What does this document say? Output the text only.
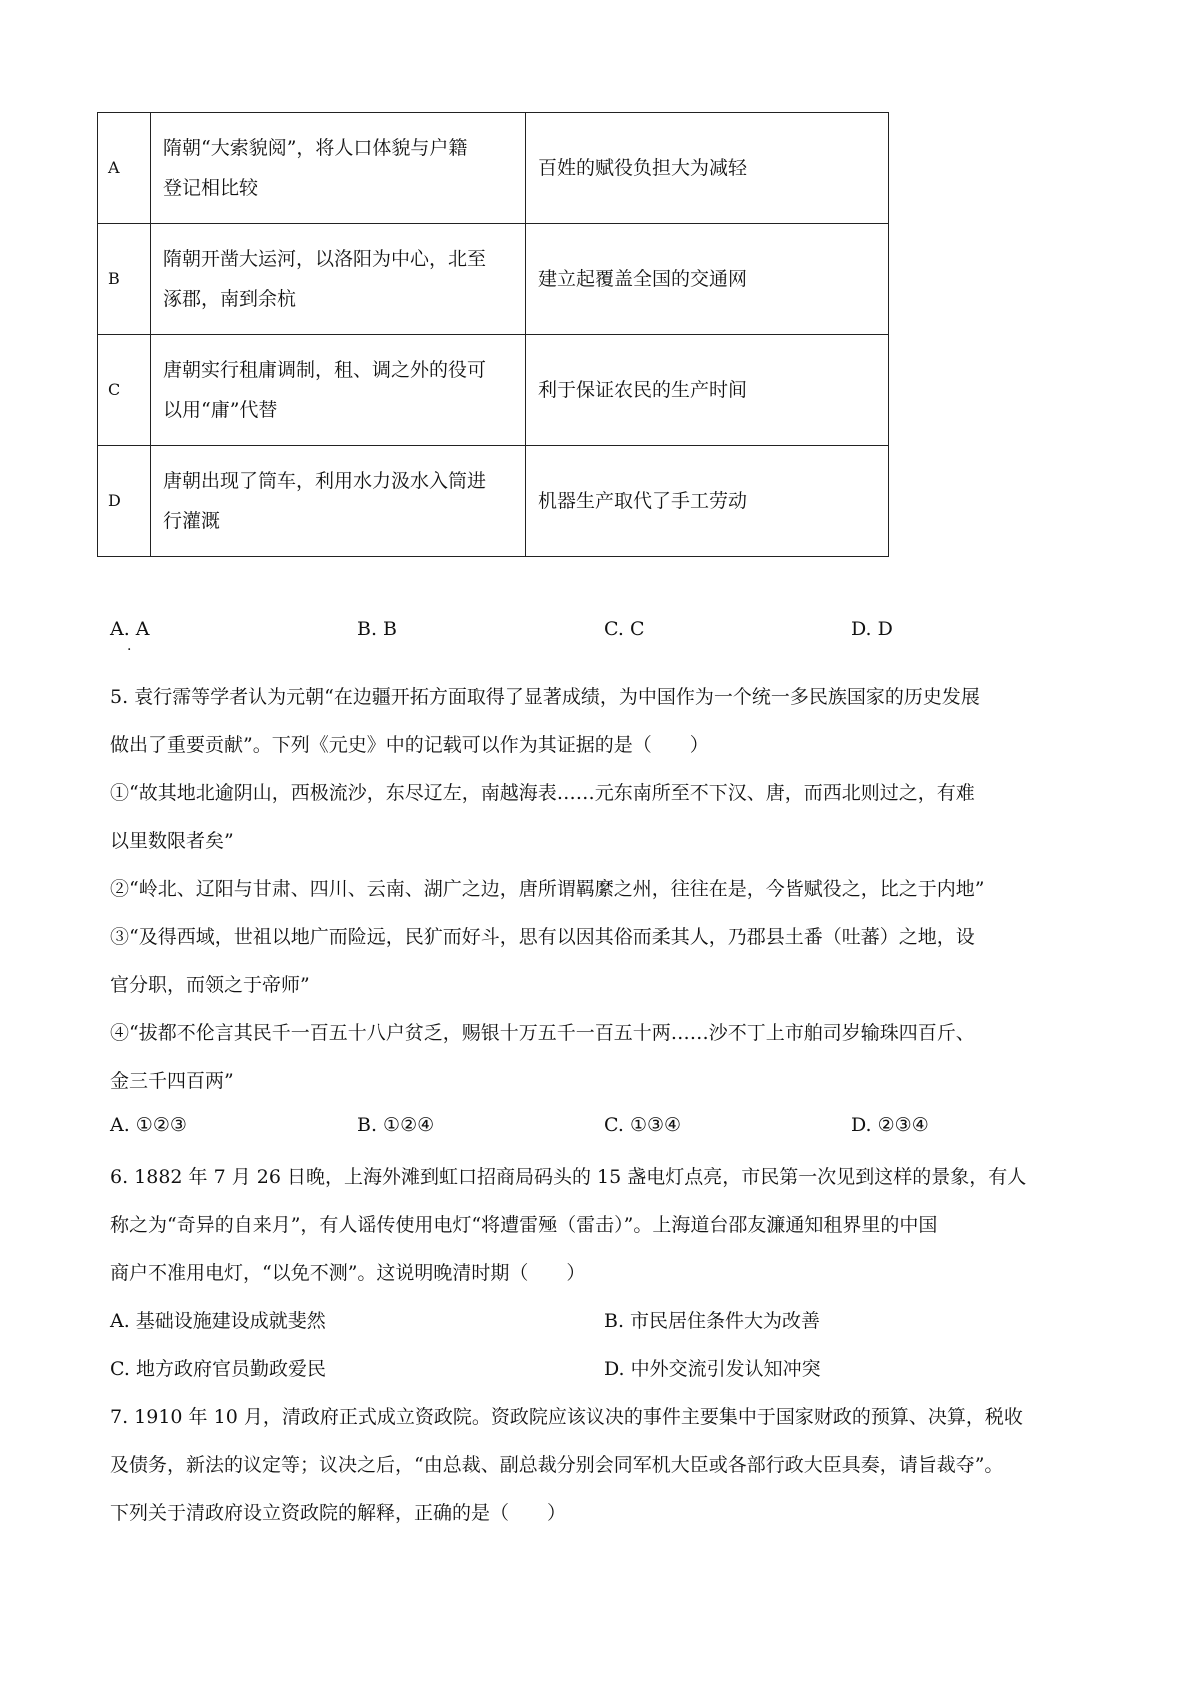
A	隋朝“大索貌阅”，将人口体貌与户籍
登记相比较	百姓的赋役负担大为减轻
B	隋朝开凿大运河，以洛阳为中心，北至
涿郡，南到余杭	建立起覆盖全国的交通网
C	唐朝实行租庸调制，租、调之外的役可
以用“庸”代替	利于保证农民的生产时间
D	唐朝出现了筒车，利用水力汲水入筒进
行灌溉	机器生产取代了手工劳动
A. A
·
B. B	C. C	D. D
5. 袁行霈等学者认为元朝“在边疆开拓方面取得了显著成绩，为中国作为一个统一多民族国家的历史发展
做出了重要贡献”。下列《元史》中的记载可以作为其证据的是（　　）
①“故其地北逾阴山，西极流沙，东尽辽左，南越海表……元东南所至不下汉、唐，而西北则过之，有难
以里数限者矣”
②“岭北、辽阳与甘肃、四川、云南、湖广之边，唐所谓羁縻之州，往往在是，今皆赋役之，比之于内地”
③“及得西域，世祖以地广而险远，民犷而好斗，思有以因其俗而柔其人，乃郡县土番（吐蕃）之地，设
官分职，而领之于帝师”
④“拔都不伦言其民千一百五十八户贫乏，赐银十万五千一百五十两……沙不丁上市舶司岁输珠四百斤、
金三千四百两”
A. ①②③	B. ①②④	C. ①③④	D. ②③④
6. 1882 年 7 月 26 日晚，上海外滩到虹口招商局码头的 15 盏电灯点亮，市民第一次见到这样的景象，有人
称之为“奇异的自来月”，有人谣传使用电灯“将遭雷殛（雷击）”。上海道台邵友濂通知租界里的中国
商户不准用电灯，“以免不测”。这说明晚清时期（　　）
A. 基础设施建设成就斐然	B. 市民居住条件大为改善
C. 地方政府官员勤政爱民	D. 中外交流引发认知冲突
7. 1910 年 10 月，清政府正式成立资政院。资政院应该议决的事件主要集中于国家财政的预算、决算，税收
及债务，新法的议定等；议决之后，“由总裁、副总裁分别会同军机大臣或各部行政大臣具奏，请旨裁夺”。
下列关于清政府设立资政院的解释，正确的是（　　）
